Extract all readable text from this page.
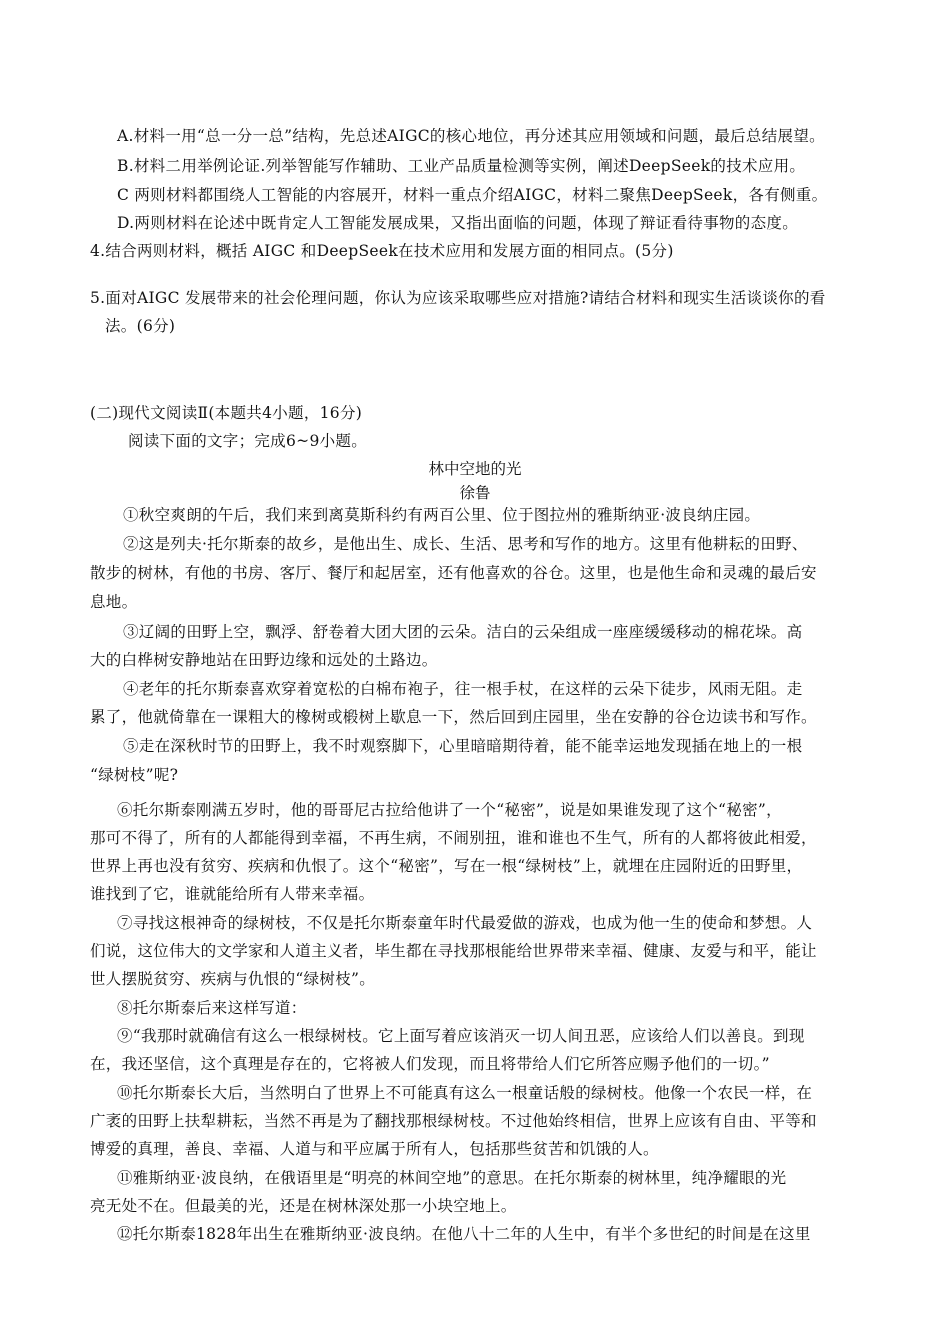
A.材料一用“总一分一总”结构，先总述AIGC的核心地位，再分述其应用领域和问题，最后总结展望。
B.材料二用举例论证.列举智能写作辅助、工业产品质量检测等实例，阐述DeepSeek的技术应用。
C 两则材料都围绕人工智能的内容展开，材料一重点介绍AIGC，材料二聚焦DeepSeek，各有侧重。
D.两则材料在论述中既肯定人工智能发展成果，又指出面临的问题，体现了辩证看待事物的态度。
4.结合两则材料，概括 AIGC 和DeepSeek在技术应用和发展方面的相同点。(5分)
5.面对AIGC 发展带来的社会伦理问题，你认为应该采取哪些应对措施?请结合材料和现实生活谈谈你的看
法。(6分)
(二)现代文阅读Ⅱ(本题共4小题，16分)
阅读下面的文字；完成6~9小题。
林中空地的光
徐鲁
①秋空爽朗的午后，我们来到离莫斯科约有两百公里、位于图拉州的雅斯纳亚·波良纳庄园。
②这是列夫·托尔斯泰的故乡，是他出生、成长、生活、思考和写作的地方。这里有他耕耘的田野、
散步的树林，有他的书房、客厅、餐厅和起居室，还有他喜欢的谷仓。这里，也是他生命和灵魂的最后安
息地。
③辽阔的田野上空，飘浮、舒卷着大团大团的云朵。洁白的云朵组成一座座缓缓移动的棉花垛。高
大的白桦树安静地站在田野边缘和远处的土路边。
④老年的托尔斯泰喜欢穿着宽松的白棉布袍子，往一根手杖，在这样的云朵下徒步，风雨无阻。走
累了，他就倚靠在一课粗大的橡树或椴树上歇息一下，然后回到庄园里，坐在安静的谷仓边读书和写作。
⑤走在深秋时节的田野上，我不时观察脚下，心里暗暗期待着，能不能幸运地发现插在地上的一根
“绿树枝”呢?
⑥托尔斯泰刚满五岁时，他的哥哥尼古拉给他讲了一个“秘密”，说是如果谁发现了这个“秘密”，
那可不得了，所有的人都能得到幸福，不再生病，不闹别扭，谁和谁也不生气，所有的人都将彼此相爱，
世界上再也没有贫穷、疾病和仇恨了。这个“秘密”，写在一根“绿树枝”上，就埋在庄园附近的田野里，
谁找到了它，谁就能给所有人带来幸福。
⑦寻找这根神奇的绿树枝，不仅是托尔斯泰童年时代最爱做的游戏，也成为他一生的使命和梦想。人
们说，这位伟大的文学家和人道主义者，毕生都在寻找那根能给世界带来幸福、健康、友爱与和平，能让
世人摆脱贫穷、疾病与仇恨的“绿树枝”。
⑧托尔斯泰后来这样写道：
⑨“我那时就确信有这么一根绿树枝。它上面写着应该消灭一切人间丑恶，应该给人们以善良。到现
在，我还坚信，这个真理是存在的，它将被人们发现，而且将带给人们它所答应赐予他们的一切。”
⑩托尔斯泰长大后，当然明白了世界上不可能真有这么一根童话般的绿树枝。他像一个农民一样，在
广袤的田野上扶犁耕耘，当然不再是为了翻找那根绿树枝。不过他始终相信，世界上应该有自由、平等和
博爱的真理，善良、幸福、人道与和平应属于所有人，包括那些贫苦和饥饿的人。
⑪雅斯纳亚·波良纳，在俄语里是“明亮的林间空地”的意思。在托尔斯泰的树林里，纯净耀眼的光
亮无处不在。但最美的光，还是在树林深处那一小块空地上。
⑫托尔斯泰1828年出生在雅斯纳亚·波良纳。在他八十二年的人生中，有半个多世纪的时间是在这里
